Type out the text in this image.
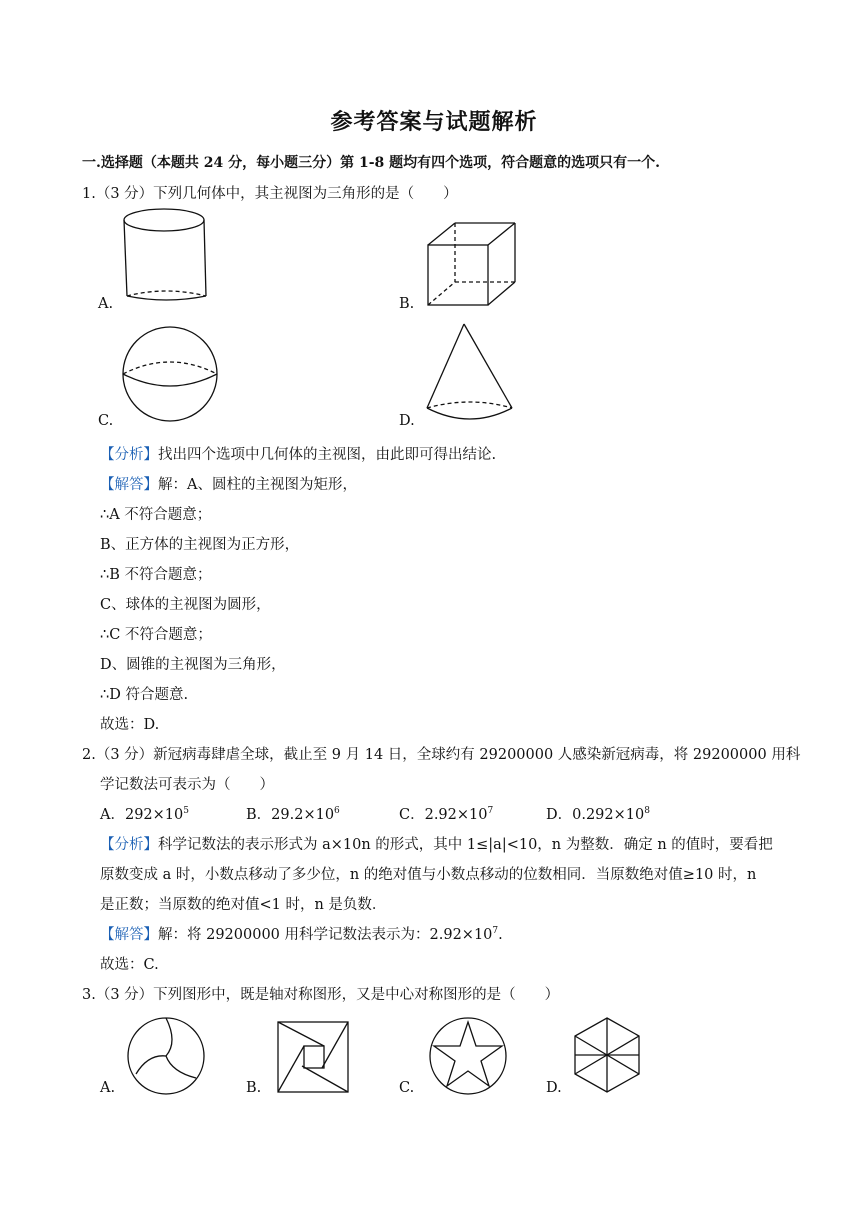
参考答案与试题解析
一.选择题（本题共 24 分，每小题三分）第 1-8 题均有四个选项，符合题意的选项只有一个.
1.（3 分）下列几何体中，其主视图为三角形的是（　　）
A.	B.
C.	D.
【分析】找出四个选项中几何体的主视图，由此即可得出结论.
【解答】解：A、圆柱的主视图为矩形，
∴A 不符合题意；
B、正方体的主视图为正方形，
∴B 不符合题意；
C、球体的主视图为圆形，
∴C 不符合题意；
D、圆锥的主视图为三角形，
∴D 符合题意.
故选：D.
2.（3 分）新冠病毒肆虐全球，截止至 9 月 14 日，全球约有 29200000 人感染新冠病毒，将 29200000 用科
学记数法可表示为（　　）
A．$292\times 10^5$	B．$29.2\times 10^6$	C．$2.92\times 10^7$	D．$0.292\times 10^8$
【分析】科学记数法的表示形式为 a×10n 的形式，其中 1≤|a|<10，n 为整数．确定 n 的值时，要看把
原数变成 a 时，小数点移动了多少位，n 的绝对值与小数点移动的位数相同．当原数绝对值≥10 时，n
是正数；当原数的绝对值<1 时，n 是负数．
【解答】解：将 29200000 用科学记数法表示为：$2.92\times 10^7$.
故选：C.
3.（3 分）下列图形中，既是轴对称图形，又是中心对称图形的是（　　）
A.	B.	C.	D.
